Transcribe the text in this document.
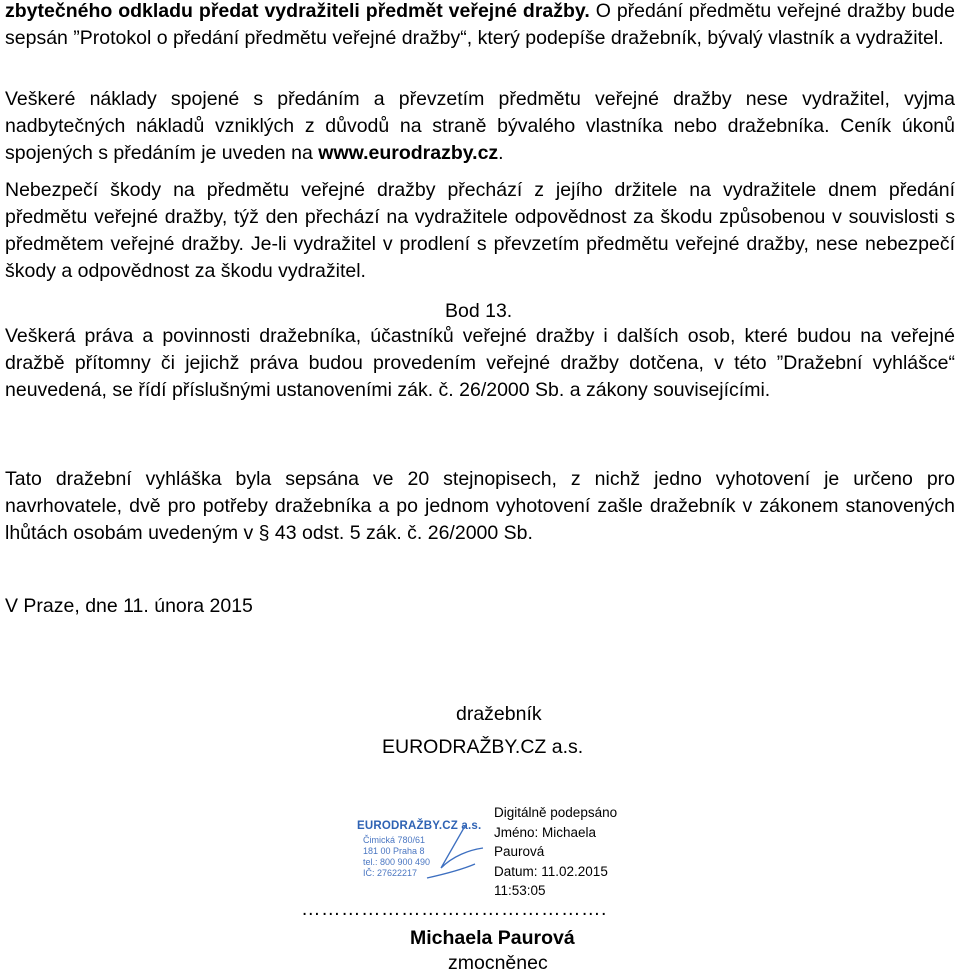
zbytečného odkladu předat vydražiteli předmět veřejné dražby. O předání předmětu veřejné dražby bude sepsán ”Protokol o předání předmětu veřejné dražby“, který podepíše dražebník, bývalý vlastník a vydražitel.

Veškeré náklady spojené s předáním a převzetím předmětu veřejné dražby nese vydražitel, vyjma nadbytečných nákladů vzniklých z důvodů na straně bývalého vlastníka nebo dražebníka. Ceník úkonů spojených s předáním je uveden na www.eurodrazby.cz.

Nebezpečí škody na předmětu veřejné dražby přechází z jejího držitele na vydražitele dnem předání předmětu veřejné dražby, týž den přechází na vydražitele odpovědnost za škodu způsobenou v souvislosti s předmětem veřejné dražby. Je-li vydražitel v prodlení s převzetím předmětu veřejné dražby, nese nebezpečí škody a odpovědnost za škodu vydražitel.

Bod 13.

Veškerá práva a povinnosti dražebníka, účastníků veřejné dražby i dalších osob, které budou na veřejné dražbě přítomny či jejichž práva budou provedením veřejné dražby dotčena, v této ”Dražební vyhlášce“ neuvedená, se řídí příslušnými ustanoveními zák. č. 26/2000 Sb. a zákony souvisejícími.

Tato dražební vyhláška byla sepsána ve 20 stejnopisech, z nichž jedno vyhotovení je určeno pro navrhovatele, dvě pro potřeby dražebníka a po jednom vyhotovení zašle dražebník v zákonem stanovených lhůtách osobám uvedeným v § 43 odst. 5 zák. č. 26/2000 Sb.

V Praze, dne 11. února 2015
dražebník
EURODRAŽBY.CZ a.s.
EURODRAŽBY.CZ a.s.
Čimická 780/61
181 00 Praha 8
tel.: 800 900 490
IČ: 27622217
Digitálně podepsáno
Jméno: Michaela
Paurová
Datum: 11.02.2015
11:53:05
……………………………………….
Michaela Paurová
zmocněnec
